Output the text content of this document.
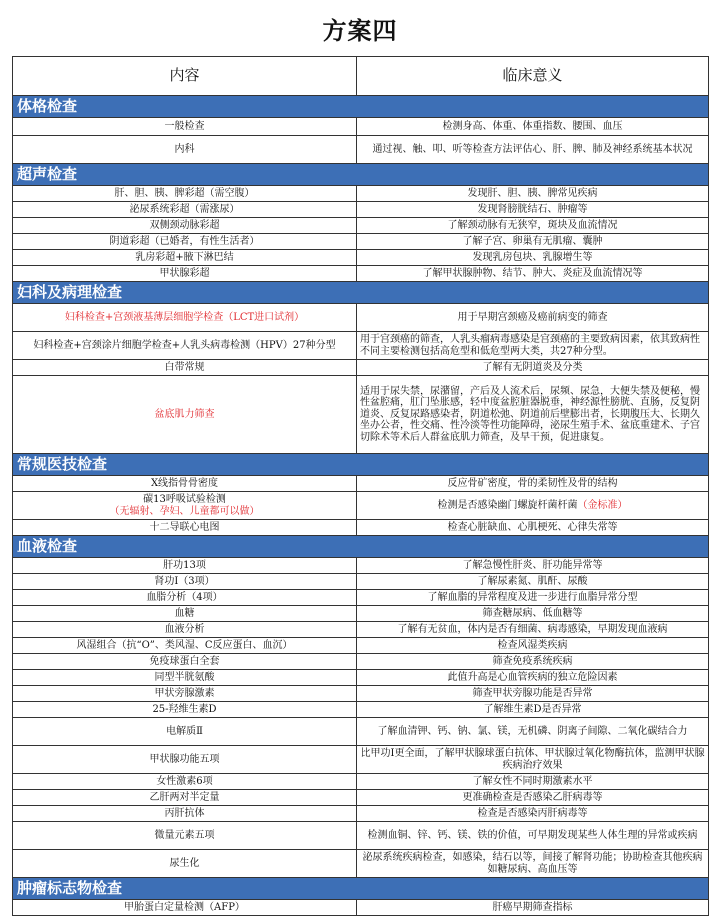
方案四
内容	临床意义
体格检查	
一般检查	检测身高、体重、体重指数、腰围、血压
内科	通过视、触、叩、听等检查方法评估心、肝、脾、肺及神经系统基本状况
超声检查	
肝、胆、胰、脾彩超（需空腹）	发现肝、胆、胰、脾常见疾病
泌尿系统彩超（需涨尿）	发现肾膀胱结石、肿瘤等
双侧颈动脉彩超	了解颈动脉有无狭窄，斑块及血流情况
阴道彩超（已婚者，有性生活者）	了解子宫、卵巢有无肌瘤、囊肿
乳房彩超+腋下淋巴结	发现乳房包块、乳腺增生等
甲状腺彩超	了解甲状腺肿物、结节、肿大、炎症及血流情况等
妇科及病理检查	
妇科检查+宫颈液基薄层细胞学检查（LCT进口试剂）	用于早期宫颈癌及癌前病变的筛查
妇科检查+宫颈涂片细胞学检查+人乳头病毒检测（HPV）27种分型	用于宫颈癌的筛查，人乳头瘤病毒感染是宫颈癌的主要致病因素，依其致病性不同主要检测包括高危型和低危型两大类，共27种分型。
白带常规	了解有无阴道炎及分类
盆底肌力筛查	适用于尿失禁，尿潴留，产后及人流术后，尿频、尿急，大便失禁及便秘，慢性盆腔痛，肛门坠胀感，轻中度盆腔脏器脱垂，神经源性膀胱、直肠，反复阴道炎、反复尿路感染者，阴道松弛、阴道前后壁膨出者，长期腹压大、长期久坐办公者，性交痛、性冷淡等性功能障碍，泌尿生殖手术、盆底重建术、子宫切除术等术后人群盆底肌力筛查，及早干预，促进康复。
常规医技检查	
X线指骨骨密度	反应骨矿密度，骨的柔韧性及骨的结构

碳13呼吸试验检测
（无辐射、孕妇、儿童都可以做）	检测是否感染幽门螺旋杆菌杆菌（金标准）
十二导联心电图	检查心脏缺血、心肌梗死、心律失常等
血液检查	
肝功13项	了解急慢性肝炎、肝功能异常等
肾功Ⅰ（3项）	了解尿素氮、肌酐、尿酸
血脂分析（4项）	了解血脂的异常程度及进一步进行血脂异常分型
血糖	筛查糖尿病、低血糖等
血液分析	了解有无贫血，体内是否有细菌、病毒感染，早期发现血液病
风湿组合（抗“O”、类风湿、C反应蛋白、血沉）	检查风湿类疾病
免疫球蛋白全套	筛查免疫系统疾病
同型半胱氨酸	此值升高是心血管疾病的独立危险因素
甲状旁腺激素	筛查甲状旁腺功能是否异常
25-羟维生素D	了解维生素D是否异常
电解质Ⅱ	了解血清钾、钙、钠、氯、镁，无机磷、阴离子间隙、二氧化碳结合力
甲状腺功能五项	比甲功Ⅰ更全面，了解甲状腺球蛋白抗体、甲状腺过氧化物酶抗体，监测甲状腺疾病治疗效果
女性激素6项	了解女性不同时期激素水平
乙肝两对半定量	更准确检查是否感染乙肝病毒等
丙肝抗体	检查是否感染丙肝病毒等
微量元素五项	检测血铜、锌、钙、镁、铁的价值，可早期发现某些人体生理的异常或疾病
尿生化	泌尿系统疾病检查，如感染，结石以等，间接了解肾功能；协助检查其他疾病如糖尿病、高血压等
肿瘤标志物检查	
甲胎蛋白定量检测（AFP）	肝癌早期筛查指标
